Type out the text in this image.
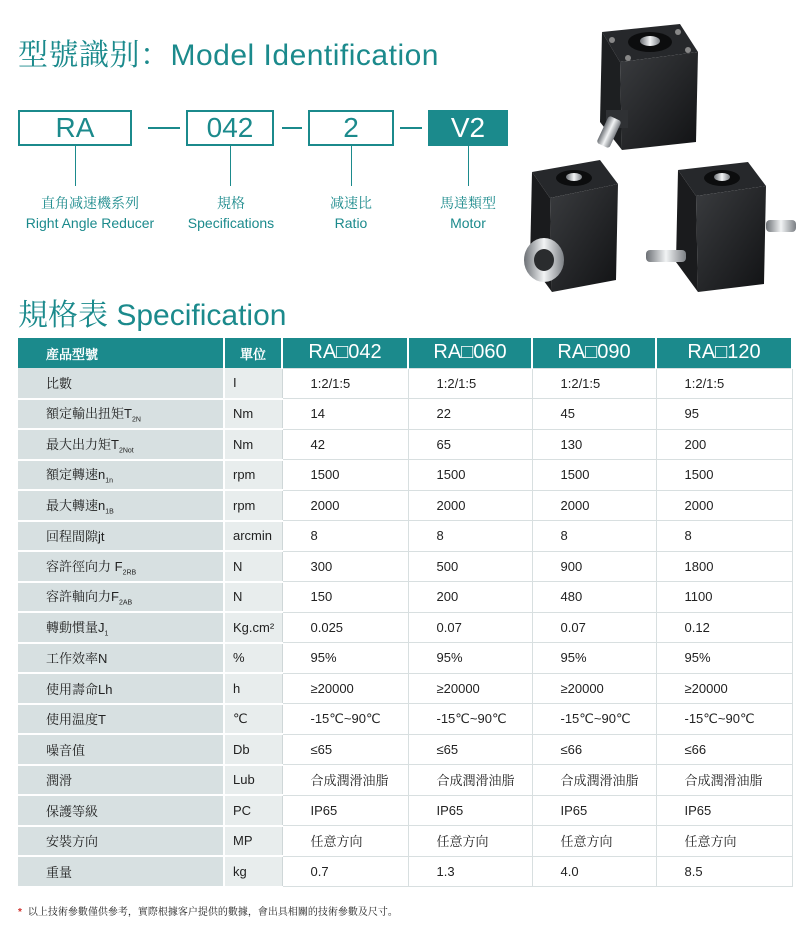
型號識别：Model Identification
RA	042	2	V2
直角减速機系列
Right Angle Reducer
規格
Specifications
减速比
Ratio
馬達類型
Motor
規格表 Specification
産品型號	單位	RA□042	RA□060	RA□090	RA□120
比數	I	1:2/1:5	1:2/1:5	1:2/1:5	1:2/1:5
額定輸出扭矩$T_{2N}$	Nm	14	22	45	95
最大出力矩$T_{2Not}$	Nm	42	65	130	200
額定轉速$n_{1n}$	rpm	1500	1500	1500	1500
最大轉速$n_{1B}$	rpm	2000	2000	2000	2000
回程間隙jt	arcmin	8	8	8	8
容許徑向力 $F_{2RB}$	N	300	500	900	1800
容許軸向力$F_{2AB}$	N	150	200	480	1100
轉動慣量$J_1$	Kg.cm²	0.025	0.07	0.07	0.12
工作效率N	%	95%	95%	95%	95%
使用壽命Lh	h	≥20000	≥20000	≥20000	≥20000
使用温度T	℃	-15℃~90℃	-15℃~90℃	-15℃~90℃	-15℃~90℃
噪音值	Db	≤65	≤65	≤66	≤66
潤滑	Lub	合成潤滑油脂	合成潤滑油脂	合成潤滑油脂	合成潤滑油脂
保護等級	PC	IP65	IP65	IP65	IP65
安裝方向	MP	任意方向	任意方向	任意方向	任意方向
重量	kg	0.7	1.3	4.0	8.5
* 以上技術參數僅供參考，實際根據客户提供的數據，會出具相關的技術參數及尺寸。
